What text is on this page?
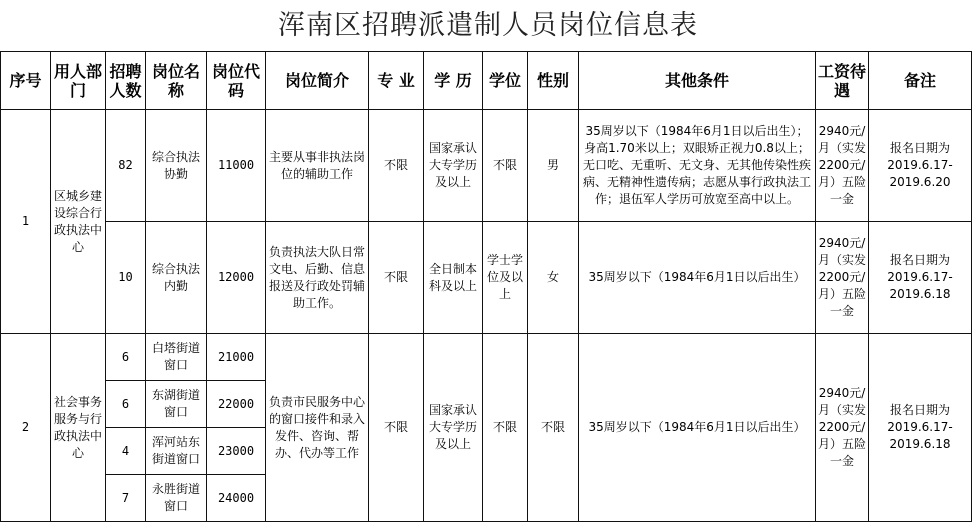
浑南区招聘派遣制人员岗位信息表
序号	用人部门	招聘人数	岗位名称	岗位代码	岗位简介	专 业	学 历	学位	性别	其他条件	工资待遇	备注
1	区城乡建设综合行政执法中心	82	综合执法协勤	11000	主要从事非执法岗位的辅助工作	不限	国家承认大专学历及以上	不限	男	35周岁以下（1984年6月1日以后出生）；身高1.70米以上；双眼矫正视力0.8以上；无口吃、无重听、无文身、无其他传染性疾病、无精神性遗传病；志愿从事行政执法工作；退伍军人学历可放宽至高中以上。	2940元/月（实发2200元/月）五险一金	报名日期为2019.6.17-2019.6.20
		10	综合执法内勤	12000	负责执法大队日常文电、后勤、信息报送及行政处罚辅助工作。	不限	全日制本科及以上	学士学位及以上	女	35周岁以下（1984年6月1日以后出生）	2940元/月（实发2200元/月）五险一金	报名日期为2019.6.17-2019.6.18
2	社会事务服务与行政执法中心	6	白塔街道窗口	21000	负责市民服务中心的窗口接件和录入发件、咨询、帮办、代办等工作	不限	国家承认大专学历及以上	不限	不限	35周岁以下（1984年6月1日以后出生）	2940元/月（实发2200元/月）五险一金	报名日期为2019.6.17-2019.6.18
		6	东湖街道窗口	22000								
		4	浑河站东街道窗口	23000								
		7	永胜街道窗口	24000								
